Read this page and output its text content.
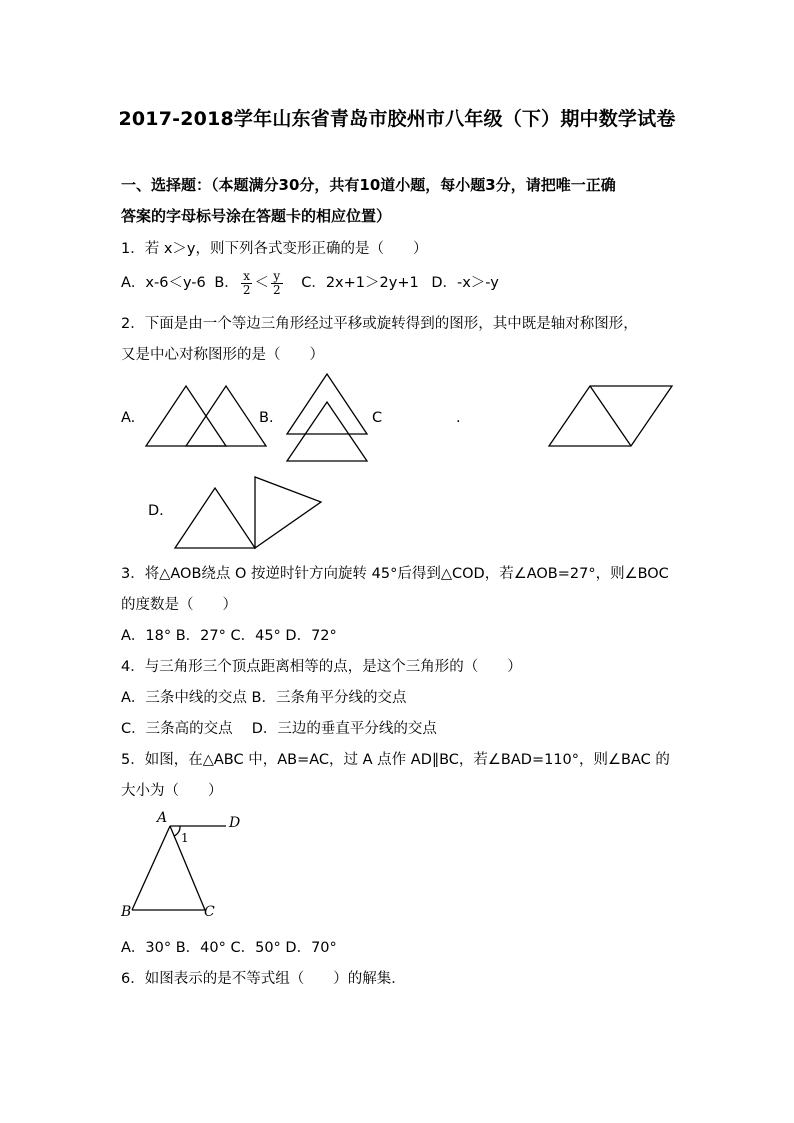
2017-2018学年山东省青岛市胶州市八年级（下）期中数学试卷
一、选择题：（本题满分30分，共有10道小题，每小题3分，请把唯一正确
答案的字母标号涂在答题卡的相应位置）
1．若 x＞y，则下列各式变形正确的是（　　）
A．x-6＜y-6 B． $\frac{x}{2} < \frac{y}{2}$ C．2x+1＞2y+1 D．-x＞-y
2．下面是由一个等边三角形经过平移或旋转得到的图形，其中既是轴对称图形，
又是中心对称图形的是（　　）
A.	B.	C	.
D.
A	D
1
B	C
3．将△AOB绕点 O 按逆时针方向旋转 45°后得到△COD，若∠AOB=27°，则∠BOC
的度数是（　　）
A．18° B．27° C．45° D．72°
4．与三角形三个顶点距离相等的点，是这个三角形的（　　）
A．三条中线的交点 B．三条角平分线的交点
C．三条高的交点　 D．三边的垂直平分线的交点
5．如图，在△ABC 中，AB=AC，过 A 点作 AD∥BC，若∠BAD=110°，则∠BAC 的
大小为（　　）
A．30° B．40° C．50° D．70°
6．如图表示的是不等式组（　　）的解集．
